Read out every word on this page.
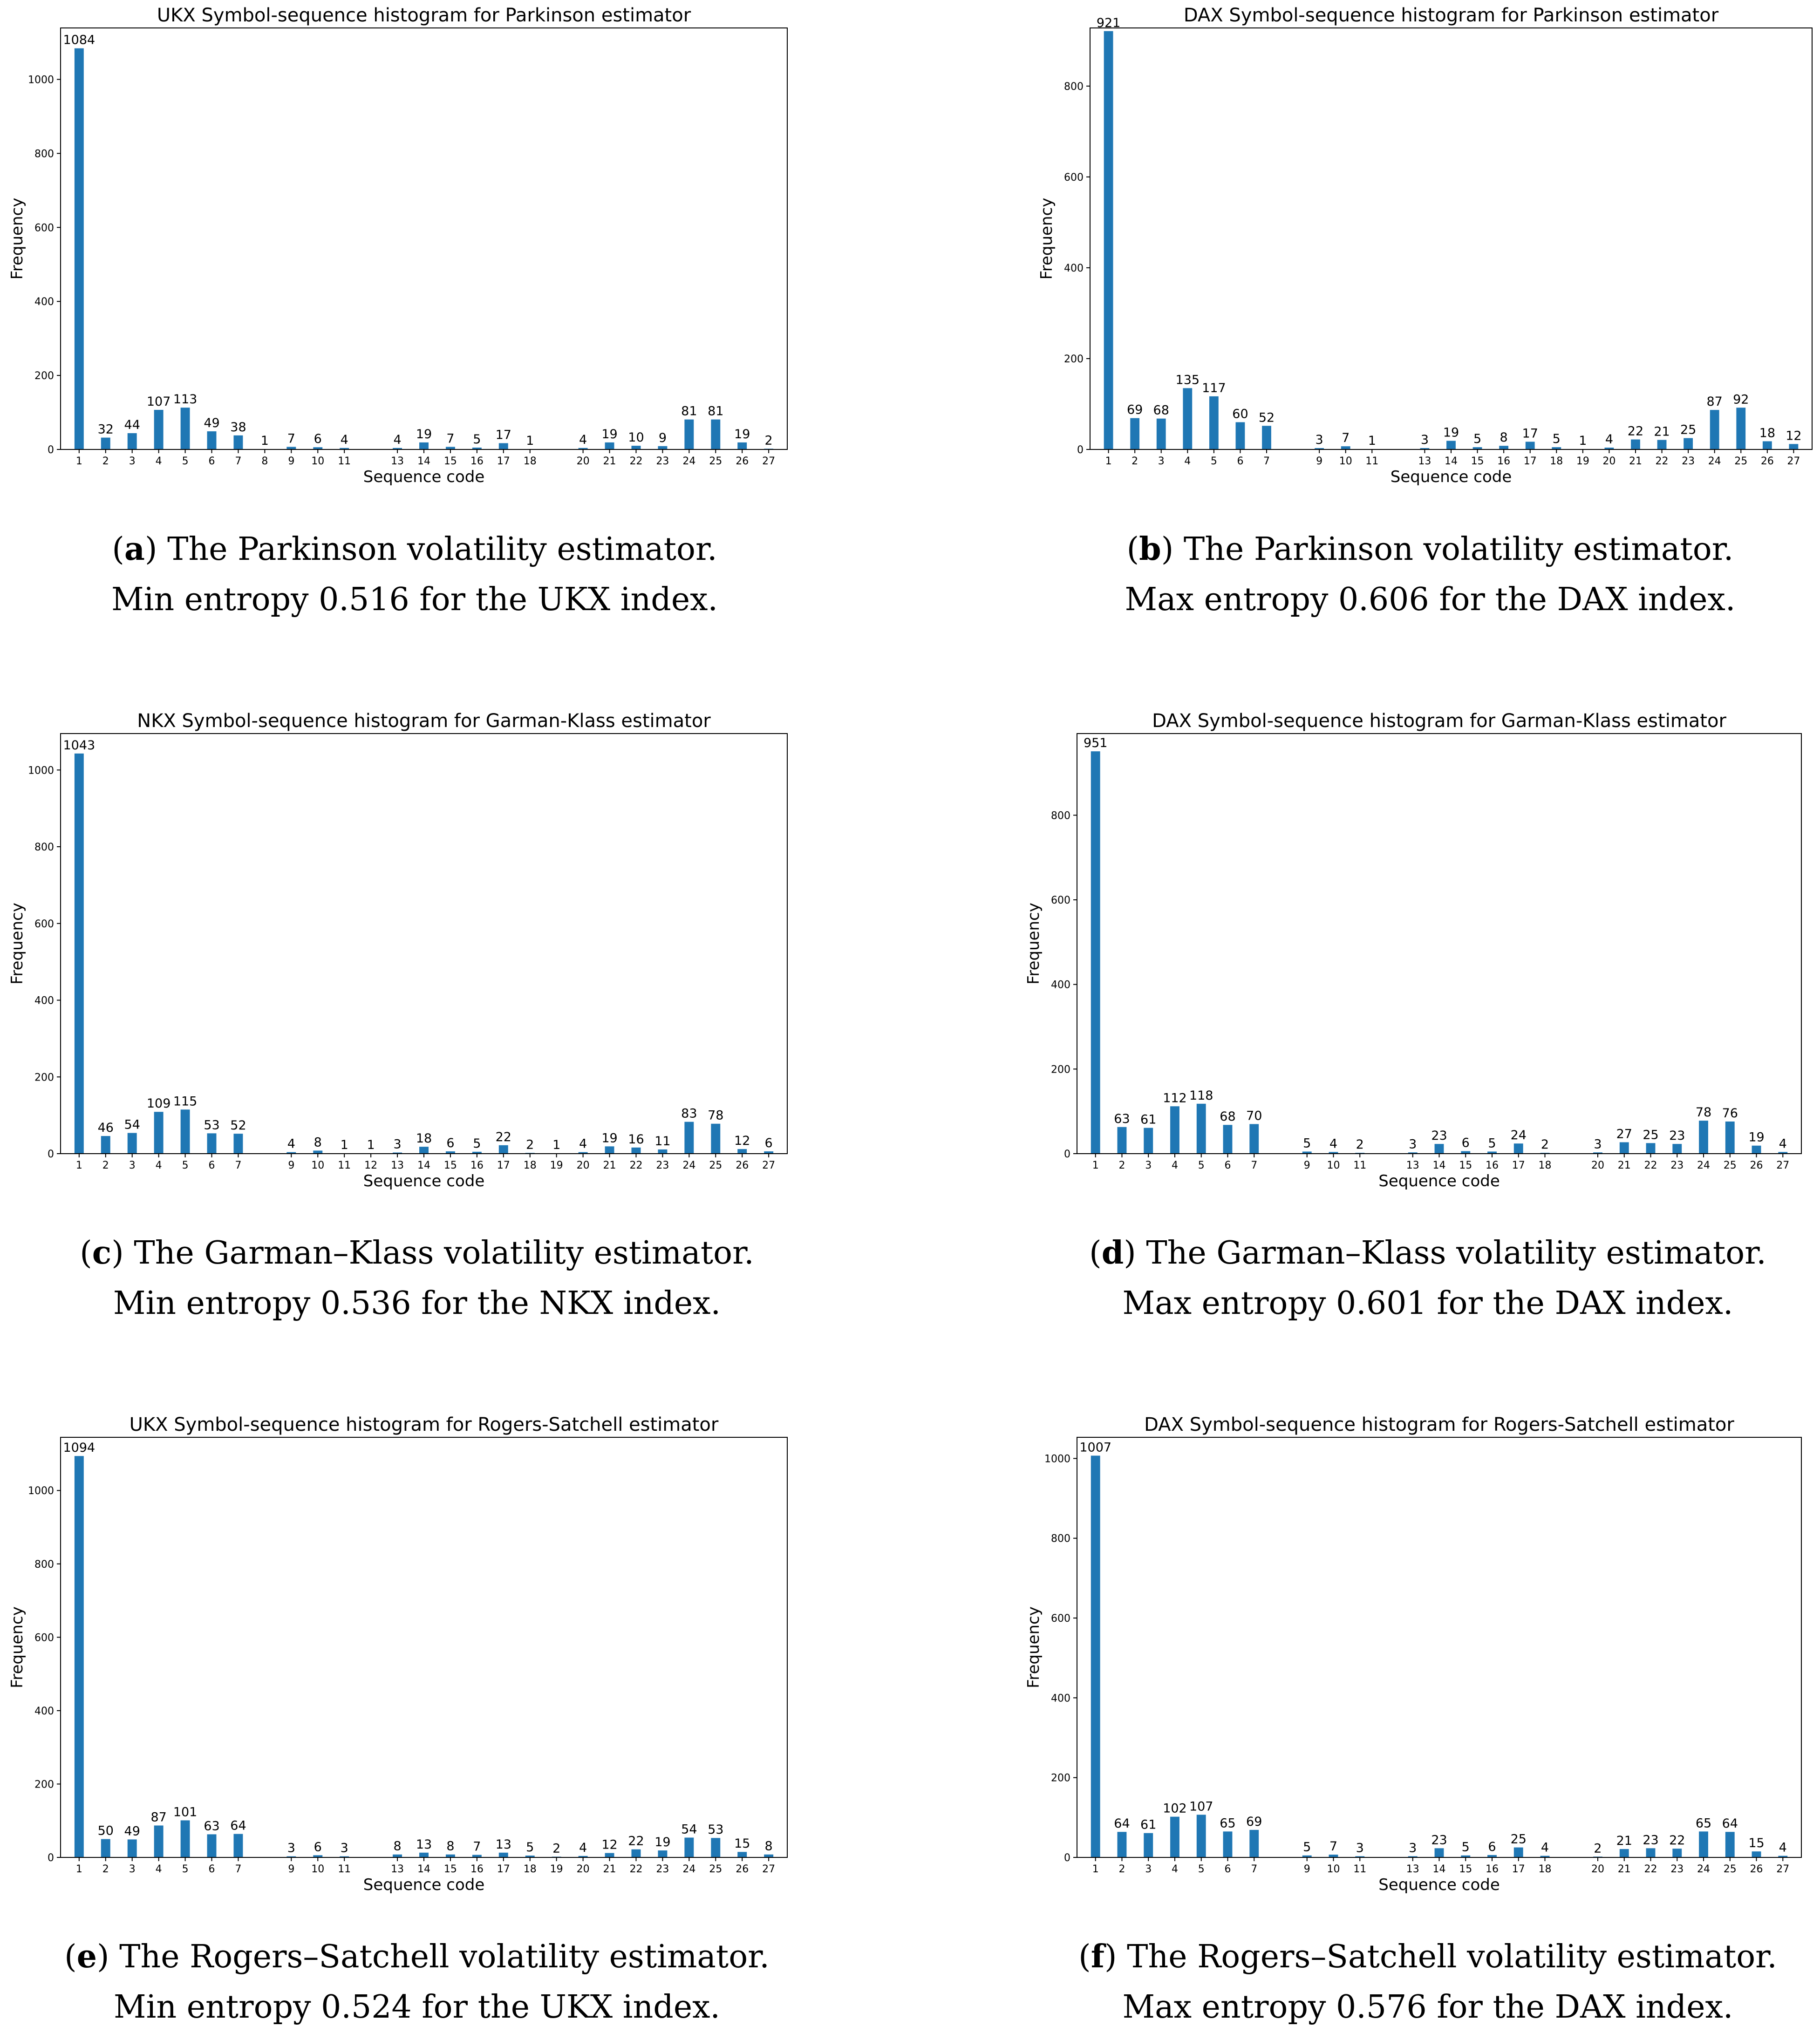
UKX Symbol-sequence histogram for Parkinson estimator
1084
1
32
2
44
3
107
4
113
5
49
6
38
7
1
8
7
9
6
10
4
11
4
13
19
14
7
15
5
16
17
17
1
18
4
20
19
21
10
22
9
23
81
24
81
25
19
26
2
27
0
200
400
600
800
1000
Sequence code
Frequency
(a) The Parkinson volatility estimator.
Min entropy 0.516 for the UKX index.
DAX Symbol-sequence histogram for Parkinson estimator
921
1
69
2
68
3
135
4
117
5
60
6
52
7
3
9
7
10
1
11
3
13
19
14
5
15
8
16
17
17
5
18
1
19
4
20
22
21
21
22
25
23
87
24
92
25
18
26
12
27
0
200
400
600
800
Sequence code
Frequency
(b) The Parkinson volatility estimator.
Max entropy 0.606 for the DAX index.
NKX Symbol-sequence histogram for Garman-Klass estimator
1043
1
46
2
54
3
109
4
115
5
53
6
52
7
4
9
8
10
1
11
1
12
3
13
18
14
6
15
5
16
22
17
2
18
1
19
4
20
19
21
16
22
11
23
83
24
78
25
12
26
6
27
0
200
400
600
800
1000
Sequence code
Frequency
(c) The Garman–Klass volatility estimator.
Min entropy 0.536 for the NKX index.
DAX Symbol-sequence histogram for Garman-Klass estimator
951
1
63
2
61
3
112
4
118
5
68
6
70
7
5
9
4
10
2
11
3
13
23
14
6
15
5
16
24
17
2
18
3
20
27
21
25
22
23
23
78
24
76
25
19
26
4
27
0
200
400
600
800
Sequence code
Frequency
(d) The Garman–Klass volatility estimator.
Max entropy 0.601 for the DAX index.
UKX Symbol-sequence histogram for Rogers-Satchell estimator
1094
1
50
2
49
3
87
4
101
5
63
6
64
7
3
9
6
10
3
11
8
13
13
14
8
15
7
16
13
17
5
18
2
19
4
20
12
21
22
22
19
23
54
24
53
25
15
26
8
27
0
200
400
600
800
1000
Sequence code
Frequency
(e) The Rogers–Satchell volatility estimator.
Min entropy 0.524 for the UKX index.
DAX Symbol-sequence histogram for Rogers-Satchell estimator
1007
1
64
2
61
3
102
4
107
5
65
6
69
7
5
9
7
10
3
11
3
13
23
14
5
15
6
16
25
17
4
18
2
20
21
21
23
22
22
23
65
24
64
25
15
26
4
27
0
200
400
600
800
1000
Sequence code
Frequency
(f) The Rogers–Satchell volatility estimator.
Max entropy 0.576 for the DAX index.
